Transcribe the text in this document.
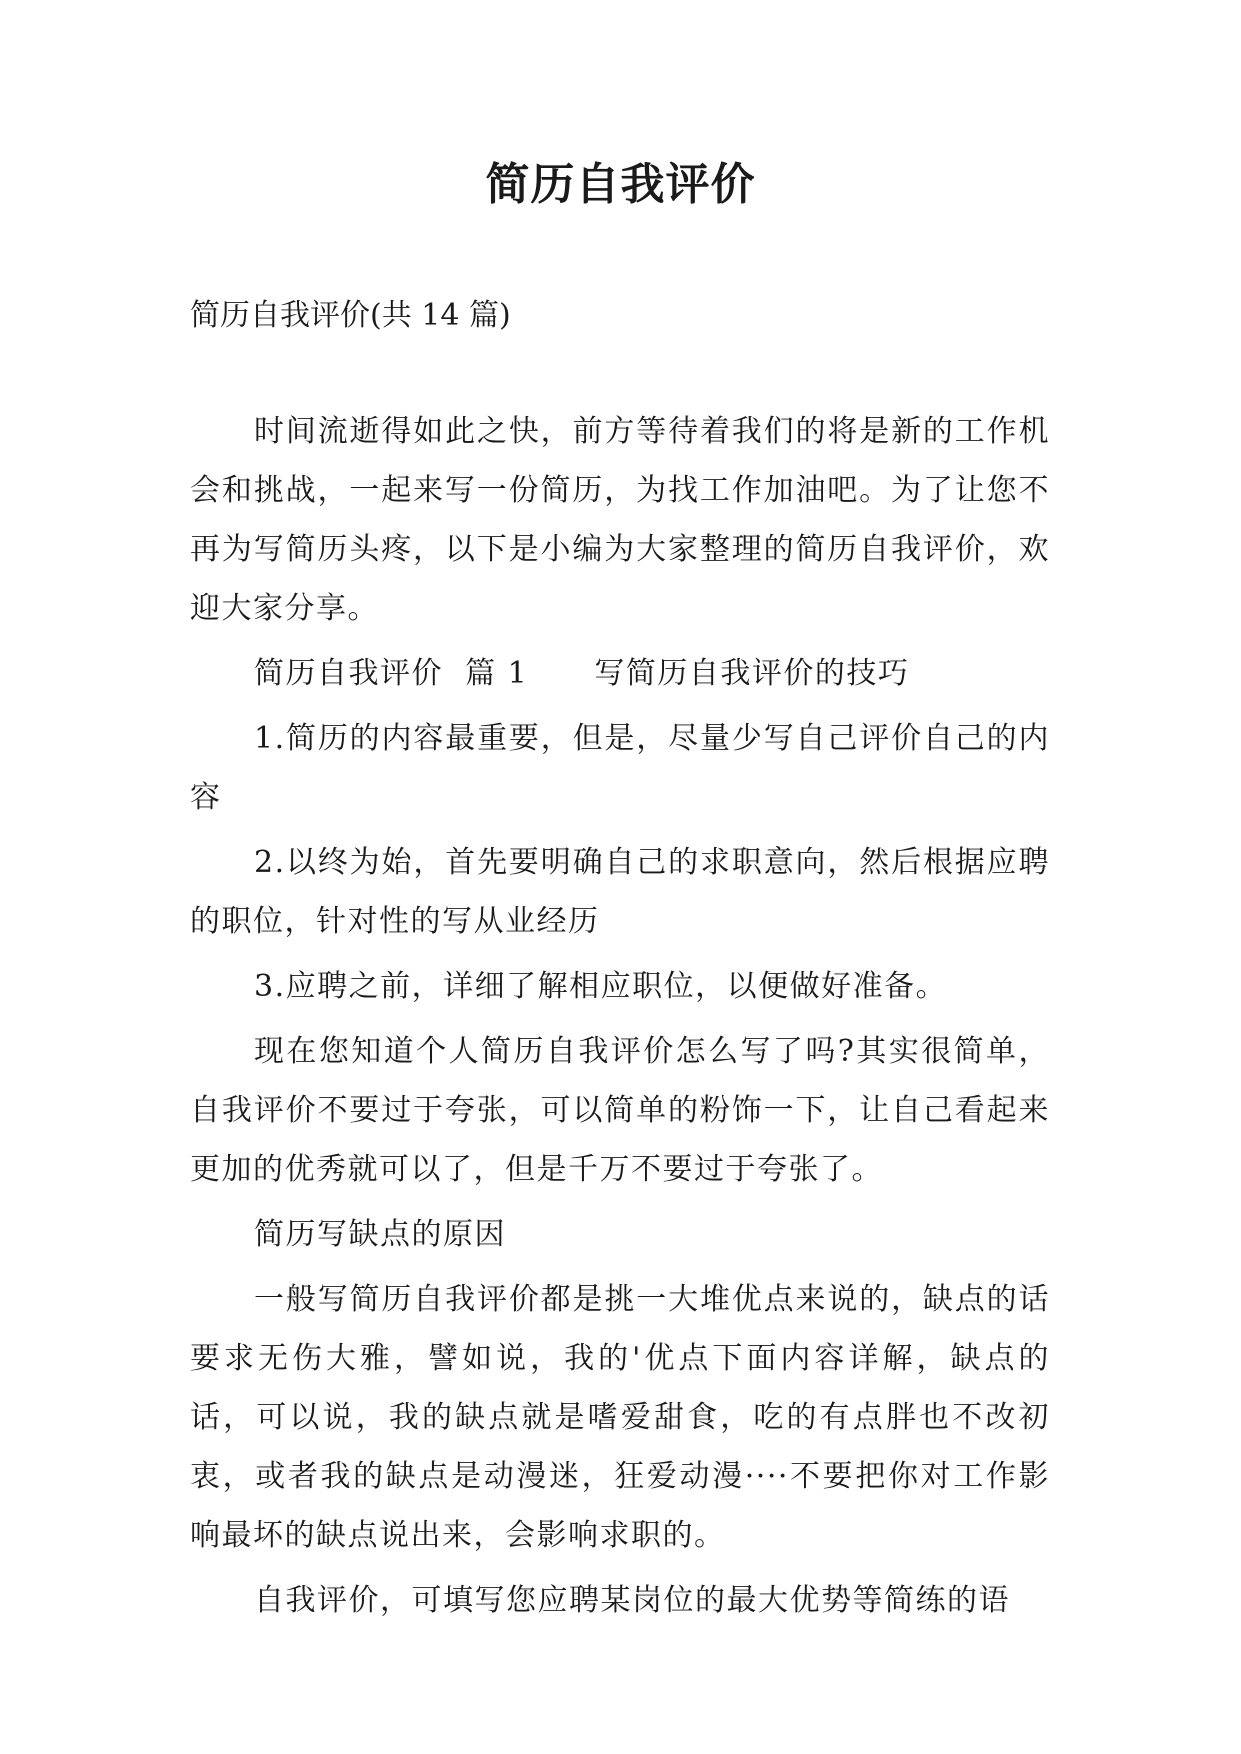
简历自我评价
简历自我评价(共 14 篇)

时间流逝得如此之快，前方等待着我们的将是新的工作机会和挑战，一起来写一份简历，为找工作加油吧。为了让您不再为写简历头疼，以下是小编为大家整理的简历自我评价，欢迎大家分享。

简历自我评价  篇 1      写简历自我评价的技巧

1.简历的内容最重要，但是，尽量少写自己评价自己的内容

2.以终为始，首先要明确自己的求职意向，然后根据应聘的职位，针对性的写从业经历

3.应聘之前，详细了解相应职位，以便做好准备。

现在您知道个人简历自我评价怎么写了吗?其实很简单，自我评价不要过于夸张，可以简单的粉饰一下，让自己看起来更加的优秀就可以了，但是千万不要过于夸张了。

简历写缺点的原因

一般写简历自我评价都是挑一大堆优点来说的，缺点的话要求无伤大雅，譬如说，我的'优点下面内容详解，缺点的话，可以说，我的缺点就是嗜爱甜食，吃的有点胖也不改初衷，或者我的缺点是动漫迷，狂爱动漫····不要把你对工作影响最坏的缺点说出来，会影响求职的。

自我评价，可填写您应聘某岗位的最大优势等简练的语
